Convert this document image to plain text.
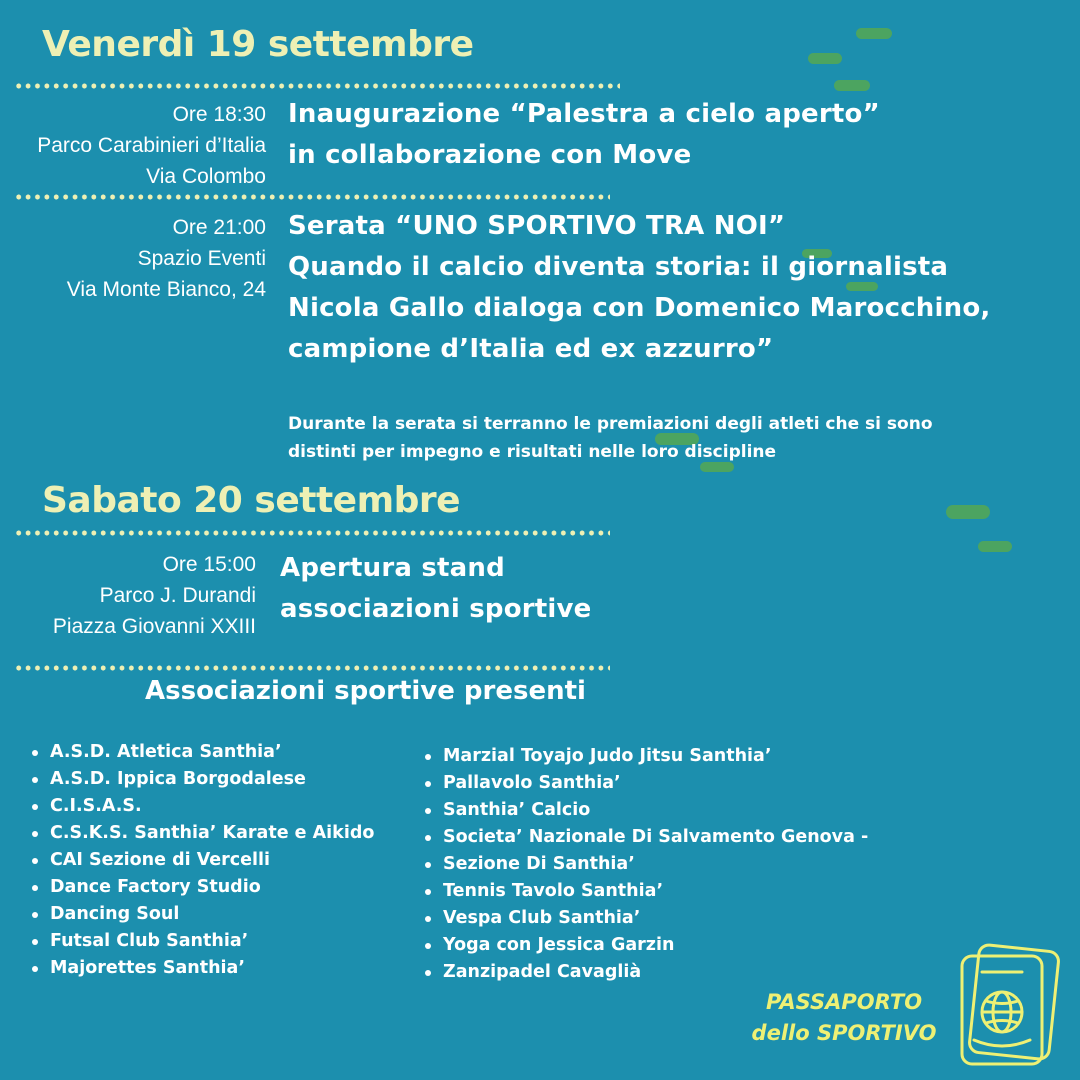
Venerdì 19 settembre
Ore 18:30
Parco Carabinieri d’Italia
Via Colombo
Inaugurazione “Palestra a cielo aperto”
in collaborazione con Move
Ore 21:00
Spazio Eventi
Via Monte Bianco, 24
Serata “UNO SPORTIVO TRA NOI”
Quando il calcio diventa storia: il giornalista
Nicola Gallo dialoga con Domenico Marocchino,
campione d’Italia ed ex azzurro”
Durante la serata si terranno le premiazioni degli atleti che si sono
distinti per impegno e risultati nelle loro discipline
Sabato 20 settembre
Ore 15:00
Parco J. Durandi
Piazza Giovanni XXIII
Apertura stand
associazioni sportive
Associazioni sportive presenti
A.S.D. Atletica Santhia’
A.S.D. Ippica Borgodalese
C.I.S.A.S.
C.S.K.S. Santhia’ Karate e Aikido
CAI Sezione di Vercelli
Dance Factory Studio
Dancing Soul
Futsal Club Santhia’
Majorettes Santhia’
Marzial Toyajo Judo Jitsu Santhia’
Pallavolo Santhia’
Santhia’ Calcio
Societa’ Nazionale Di Salvamento Genova -
Sezione Di Santhia’
Tennis Tavolo Santhia’
Vespa Club Santhia’
Yoga con Jessica Garzin
Zanzipadel Cavaglià
PASSAPORTO
dello SPORTIVO
